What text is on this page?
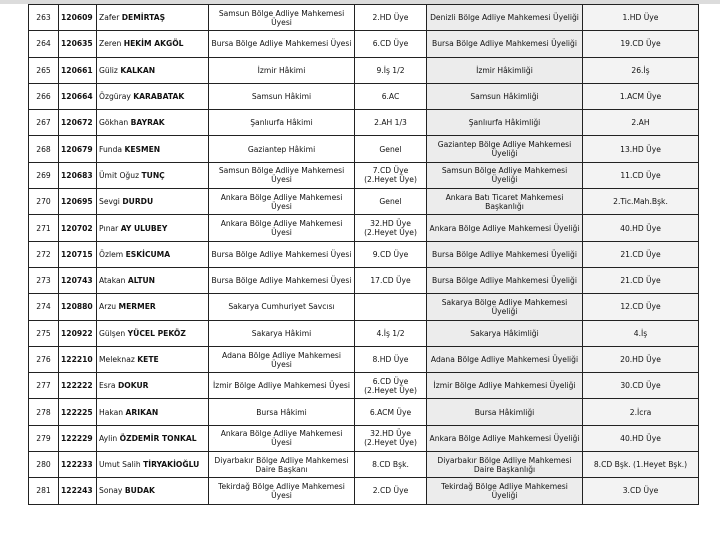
263	120609	Zafer DEMİRTAŞ	Samsun Bölge Adliye Mahkemesi Üyesi	2.HD Üye	Denizli Bölge Adliye Mahkemesi Üyeliği	1.HD Üye
264	120635	Zeren HEKİM AKGÖL	Bursa Bölge Adliye Mahkemesi Üyesi	6.CD Üye	Bursa Bölge Adliye Mahkemesi Üyeliği	19.CD Üye
265	120661	Güliz KALKAN	İzmir Hâkimi	9.İş 1/2	İzmir Hâkimliği	26.İş
266	120664	Özgüray KARABATAK	Samsun Hâkimi	6.AC	Samsun Hâkimliği	1.ACM Üye
267	120672	Gökhan BAYRAK	Şanlıurfa Hâkimi	2.AH 1/3	Şanlıurfa Hâkimliği	2.AH
268	120679	Funda KESMEN	Gaziantep Hâkimi	Genel	Gaziantep Bölge Adliye Mahkemesi Üyeliği	13.HD Üye
269	120683	Ümit Oğuz TUNÇ	Samsun Bölge Adliye Mahkemesi Üyesi	7.CD Üye (2.Heyet Üye)	Samsun Bölge Adliye Mahkemesi Üyeliği	11.CD Üye
270	120695	Sevgi DURDU	Ankara Bölge Adliye Mahkemesi Üyesi	Genel	Ankara Batı Ticaret Mahkemesi Başkanlığı	2.Tic.Mah.Bşk.
271	120702	Pınar AY ULUBEY	Ankara Bölge Adliye Mahkemesi Üyesi	32.HD Üye (2.Heyet Üye)	Ankara Bölge Adliye Mahkemesi Üyeliği	40.HD Üye
272	120715	Özlem ESKİCUMA	Bursa Bölge Adliye Mahkemesi Üyesi	9.CD Üye	Bursa Bölge Adliye Mahkemesi Üyeliği	21.CD Üye
273	120743	Atakan ALTUN	Bursa Bölge Adliye Mahkemesi Üyesi	17.CD Üye	Bursa Bölge Adliye Mahkemesi Üyeliği	21.CD Üye
274	120880	Arzu MERMER	Sakarya Cumhuriyet Savcısı		Sakarya Bölge Adliye Mahkemesi Üyeliği	12.CD Üye
275	120922	Gülşen YÜCEL PEKÖZ	Sakarya Hâkimi	4.İş 1/2	Sakarya Hâkimliği	4.İş
276	122210	Meleknaz KETE	Adana Bölge Adliye Mahkemesi Üyesi	8.HD Üye	Adana Bölge Adliye Mahkemesi Üyeliği	20.HD Üye
277	122222	Esra DOKUR	İzmir Bölge Adliye Mahkemesi Üyesi	6.CD Üye (2.Heyet Üye)	İzmir Bölge Adliye Mahkemesi Üyeliği	30.CD Üye
278	122225	Hakan ARIKAN	Bursa Hâkimi	6.ACM Üye	Bursa Hâkimliği	2.İcra
279	122229	Aylin ÖZDEMİR TONKAL	Ankara Bölge Adliye Mahkemesi Üyesi	32.HD Üye (2.Heyet Üye)	Ankara Bölge Adliye Mahkemesi Üyeliği	40.HD Üye
280	122233	Umut Salih TİRYAKİOĞLU	Diyarbakır Bölge Adliye Mahkemesi Daire Başkanı	8.CD Bşk.	Diyarbakır Bölge Adliye Mahkemesi Daire Başkanlığı	8.CD Bşk. (1.Heyet Bşk.)
281	122243	Sonay BUDAK	Tekirdağ Bölge Adliye Mahkemesi Üyesi	2.CD Üye	Tekirdağ Bölge Adliye Mahkemesi Üyeliği	3.CD Üye
